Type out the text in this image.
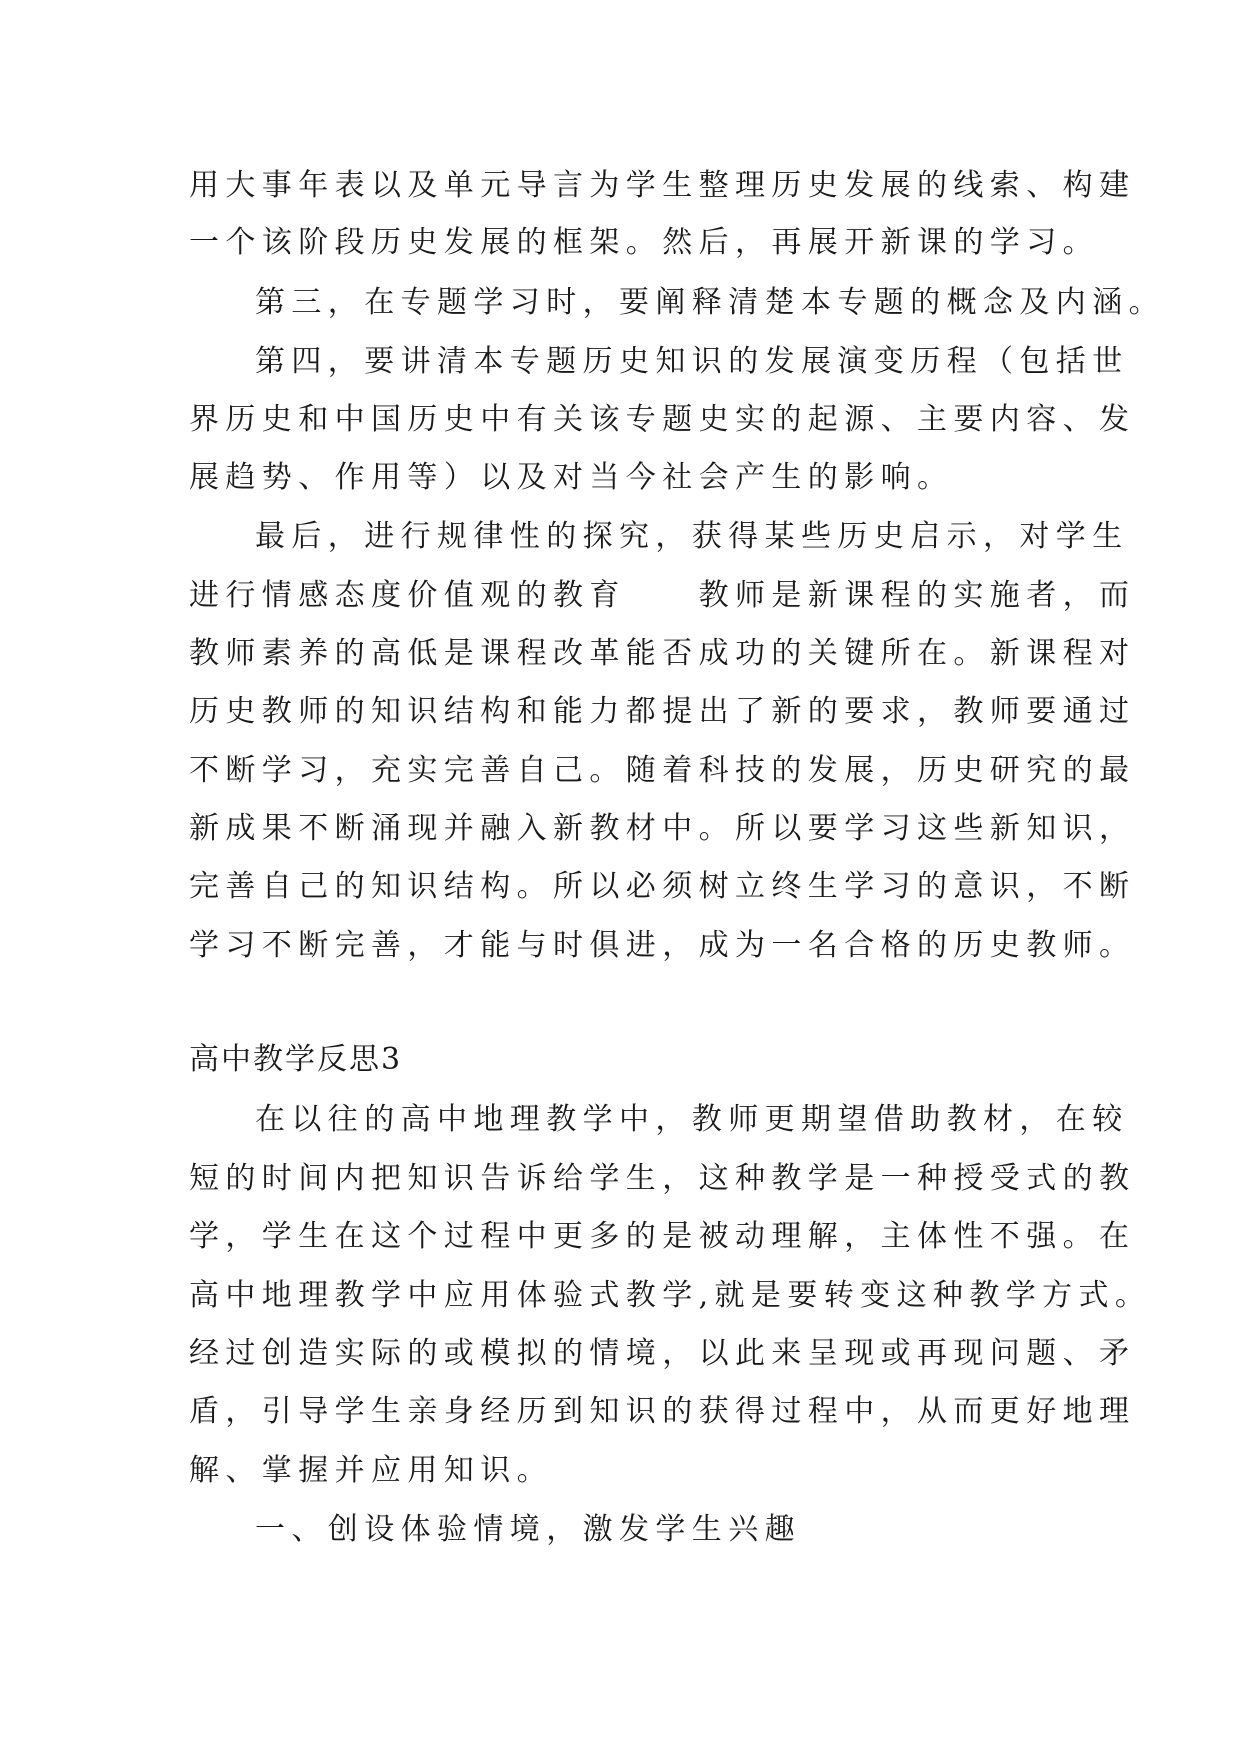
用大事年表以及单元导言为学生整理历史发展的线索、构建
一个该阶段历史发展的框架。然后，再展开新课的学习。
第三，在专题学习时，要阐释清楚本专题的概念及内涵。
第四，要讲清本专题历史知识的发展演变历程（包括世
界历史和中国历史中有关该专题史实的起源、主要内容、发
展趋势、作用等）以及对当今社会产生的影响。
最后，进行规律性的探究，获得某些历史启示，对学生
进行情感态度价值观的教育　　教师是新课程的实施者，而
教师素养的高低是课程改革能否成功的关键所在。新课程对
历史教师的知识结构和能力都提出了新的要求，教师要通过
不断学习，充实完善自己。随着科技的发展，历史研究的最
新成果不断涌现并融入新教材中。所以要学习这些新知识，
完善自己的知识结构。所以必须树立终生学习的意识，不断
学习不断完善，才能与时俱进，成为一名合格的历史教师。
高中教学反思3
在以往的高中地理教学中，教师更期望借助教材，在较
短的时间内把知识告诉给学生，这种教学是一种授受式的教
学，学生在这个过程中更多的是被动理解，主体性不强。在
高中地理教学中应用体验式教学,就是要转变这种教学方式。
经过创造实际的或模拟的情境，以此来呈现或再现问题、矛
盾，引导学生亲身经历到知识的获得过程中，从而更好地理
解、掌握并应用知识。
一、创设体验情境，激发学生兴趣
